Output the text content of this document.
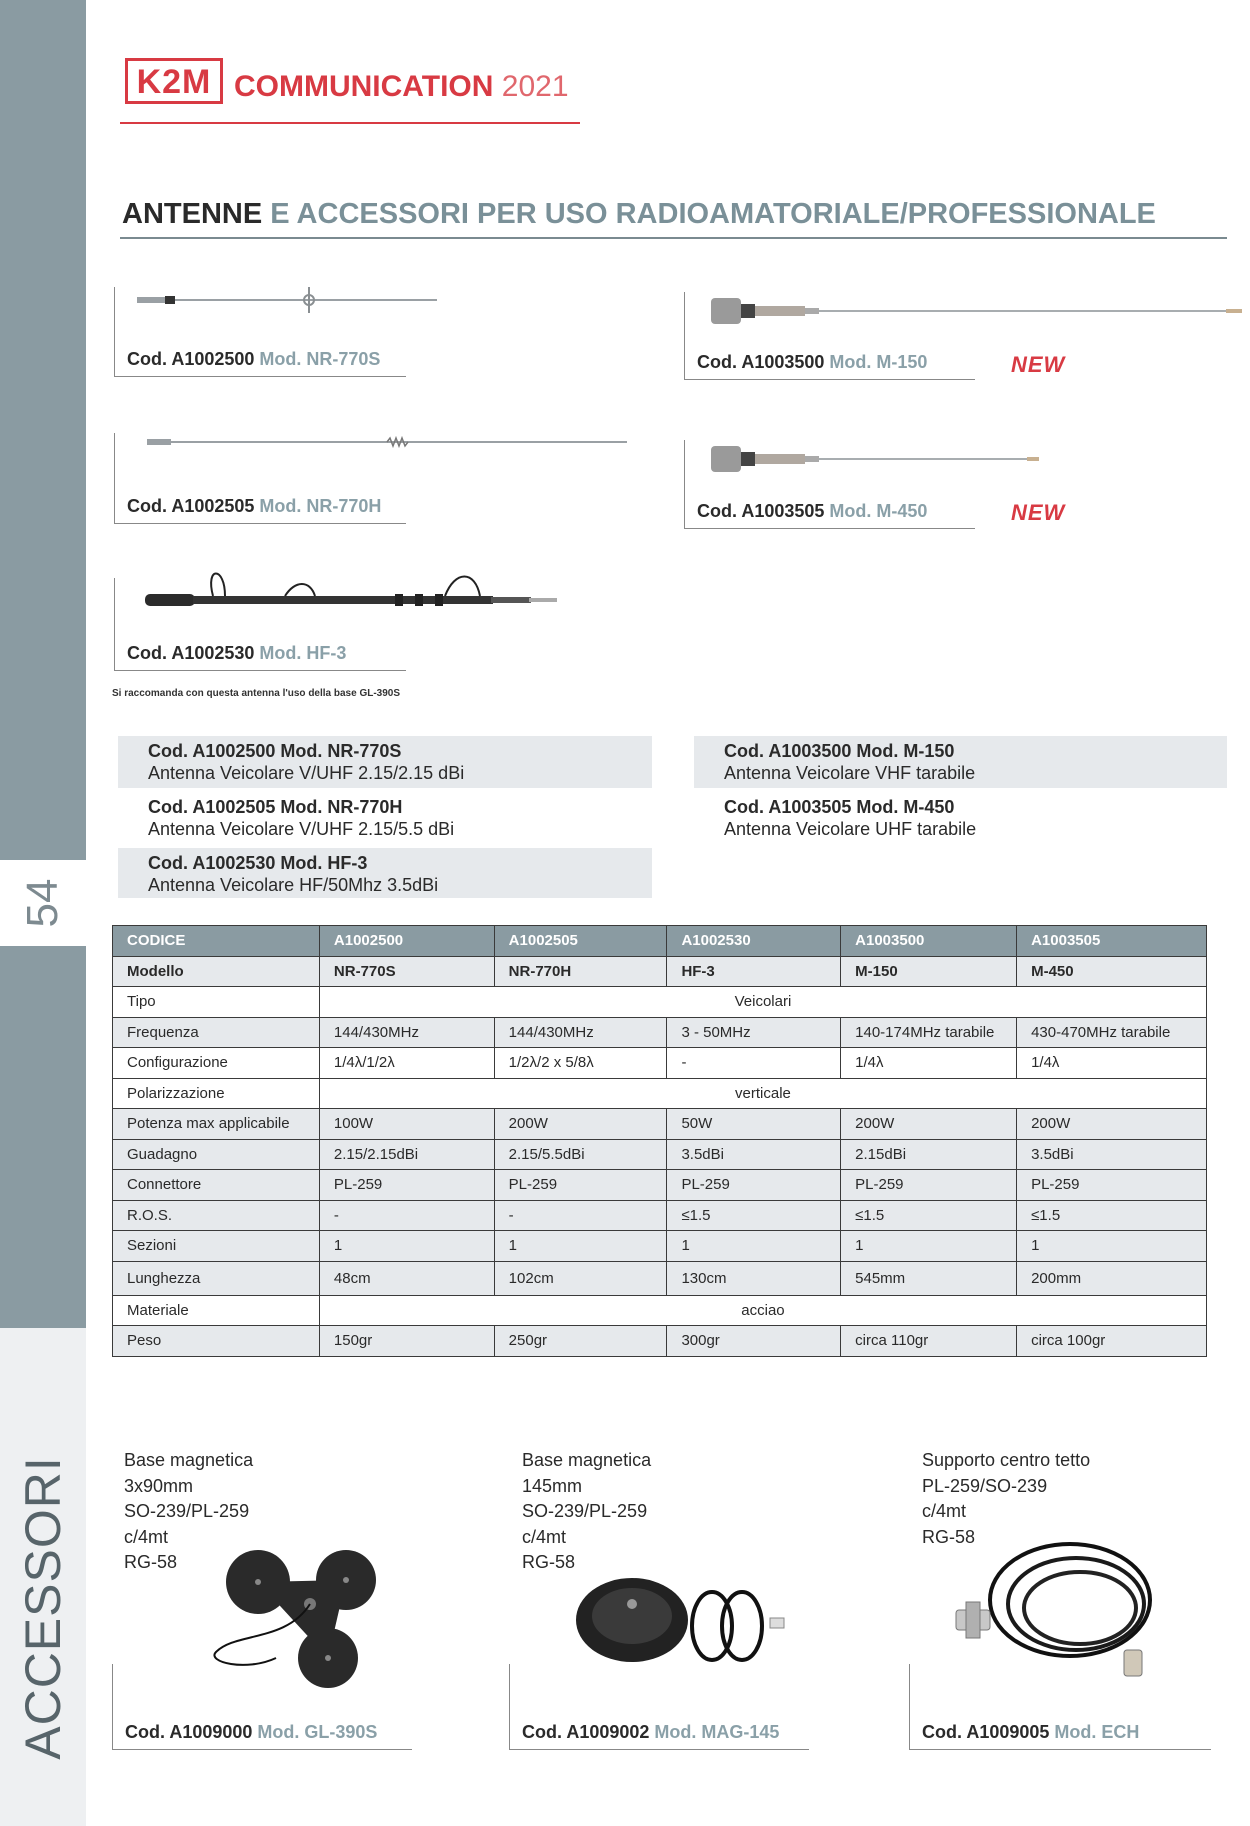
54
ACCESSORI
K2M COMMUNICATION 2021
ANTENNE E ACCESSORI PER USO RADIOAMATORIALE/PROFESSIONALE
Cod. A1002500 Mod. NR-770S
Cod. A1002505 Mod. NR-770H
Cod. A1002530 Mod. HF-3
Si raccomanda con questa antenna l'uso della base GL-390S
Cod. A1003500 Mod. M-150	NEW
Cod. A1003505 Mod. M-450	NEW
Cod. A1002500 Mod. NR-770S
Antenna Veicolare V/UHF 2.15/2.15 dBi
Cod. A1002505 Mod. NR-770H
Antenna Veicolare V/UHF 2.15/5.5 dBi
Cod. A1002530 Mod. HF-3
Antenna Veicolare HF/50Mhz 3.5dBi
Cod. A1003500 Mod. M-150
Antenna Veicolare VHF tarabile
Cod. A1003505 Mod. M-450
Antenna Veicolare UHF tarabile
CODICE	A1002500	A1002505	A1002530	A1003500	A1003505
Modello	NR-770S	NR-770H	HF-3	M-150	M-450
Tipo	Veicolari				
Frequenza	144/430MHz	144/430MHz	3 - 50MHz	140-174MHz tarabile	430-470MHz tarabile
Configurazione	1/4λ/1/2λ	1/2λ/2 x 5/8λ	-	1/4λ	1/4λ
Polarizzazione	verticale				
Potenza max applicabile	100W	200W	50W	200W	200W
Guadagno	2.15/2.15dBi	2.15/5.5dBi	3.5dBi	2.15dBi	3.5dBi
Connettore	PL-259	PL-259	PL-259	PL-259	PL-259
R.O.S.	-	-	≤1.5	≤1.5	≤1.5
Sezioni	1	1	1	1	1
Lunghezza	48cm	102cm	130cm	545mm	200mm
Materiale	acciao				
Peso	150gr	250gr	300gr	circa 110gr	circa 100gr
Base magnetica
3x90mm
SO-239/PL-259
c/4mt
RG-58
Cod. A1009000 Mod. GL-390S
Base magnetica
145mm
SO-239/PL-259
c/4mt
RG-58
Cod. A1009002 Mod. MAG-145
Supporto centro tetto
PL-259/SO-239
c/4mt
RG-58
Cod. A1009005 Mod. ECH
